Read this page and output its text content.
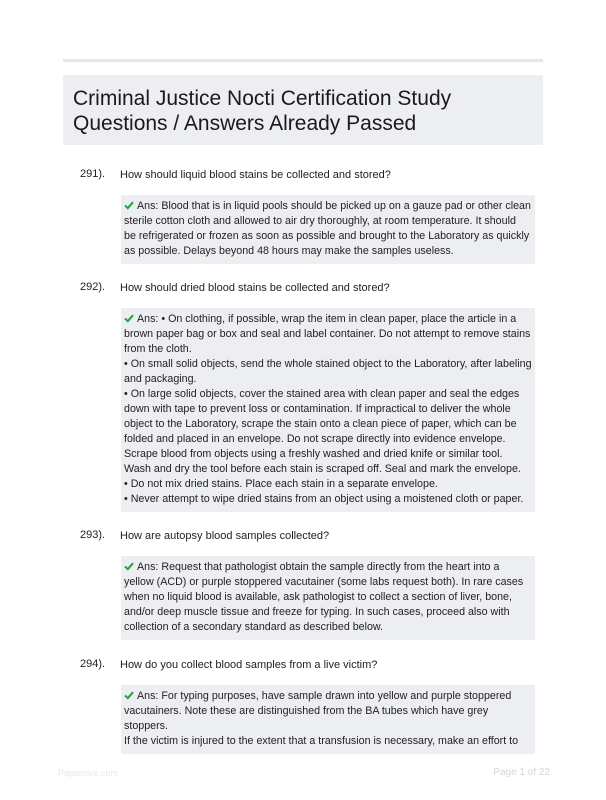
Criminal Justice Nocti Certification Study Questions / Answers Already Passed
291). How should liquid blood stains be collected and stored?
Ans: Blood that is in liquid pools should be picked up on a gauze pad or other clean
sterile cotton cloth and allowed to air dry thoroughly, at room temperature. It should
be refrigerated or frozen as soon as possible and brought to the Laboratory as quickly
as possible. Delays beyond 48 hours may make the samples useless.
292). How should dried blood stains be collected and stored?
Ans: • On clothing, if possible, wrap the item in clean paper, place the article in a
brown paper bag or box and seal and label container. Do not attempt to remove stains
from the cloth.
• On small solid objects, send the whole stained object to the Laboratory, after labeling
and packaging.
• On large solid objects, cover the stained area with clean paper and seal the edges
down with tape to prevent loss or contamination. If impractical to deliver the whole
object to the Laboratory, scrape the stain onto a clean piece of paper, which can be
folded and placed in an envelope. Do not scrape directly into evidence envelope.
Scrape blood from objects using a freshly washed and dried knife or similar tool.
Wash and dry the tool before each stain is scraped off. Seal and mark the envelope.
• Do not mix dried stains. Place each stain in a separate envelope.
• Never attempt to wipe dried stains from an object using a moistened cloth or paper.
293). How are autopsy blood samples collected?
Ans: Request that pathologist obtain the sample directly from the heart into a
yellow (ACD) or purple stoppered vacutainer (some labs request both). In rare cases
when no liquid blood is available, ask pathologist to collect a section of liver, bone,
and/or deep muscle tissue and freeze for typing. In such cases, proceed also with
collection of a secondary standard as described below.
294). How do you collect blood samples from a live victim?
Ans: For typing purposes, have sample drawn into yellow and purple stoppered
vacutainers. Note these are distinguished from the BA tubes which have grey
stoppers.
If the victim is injured to the extent that a transfusion is necessary, make an effort to
Paperhive.com	Page 1 of 22
